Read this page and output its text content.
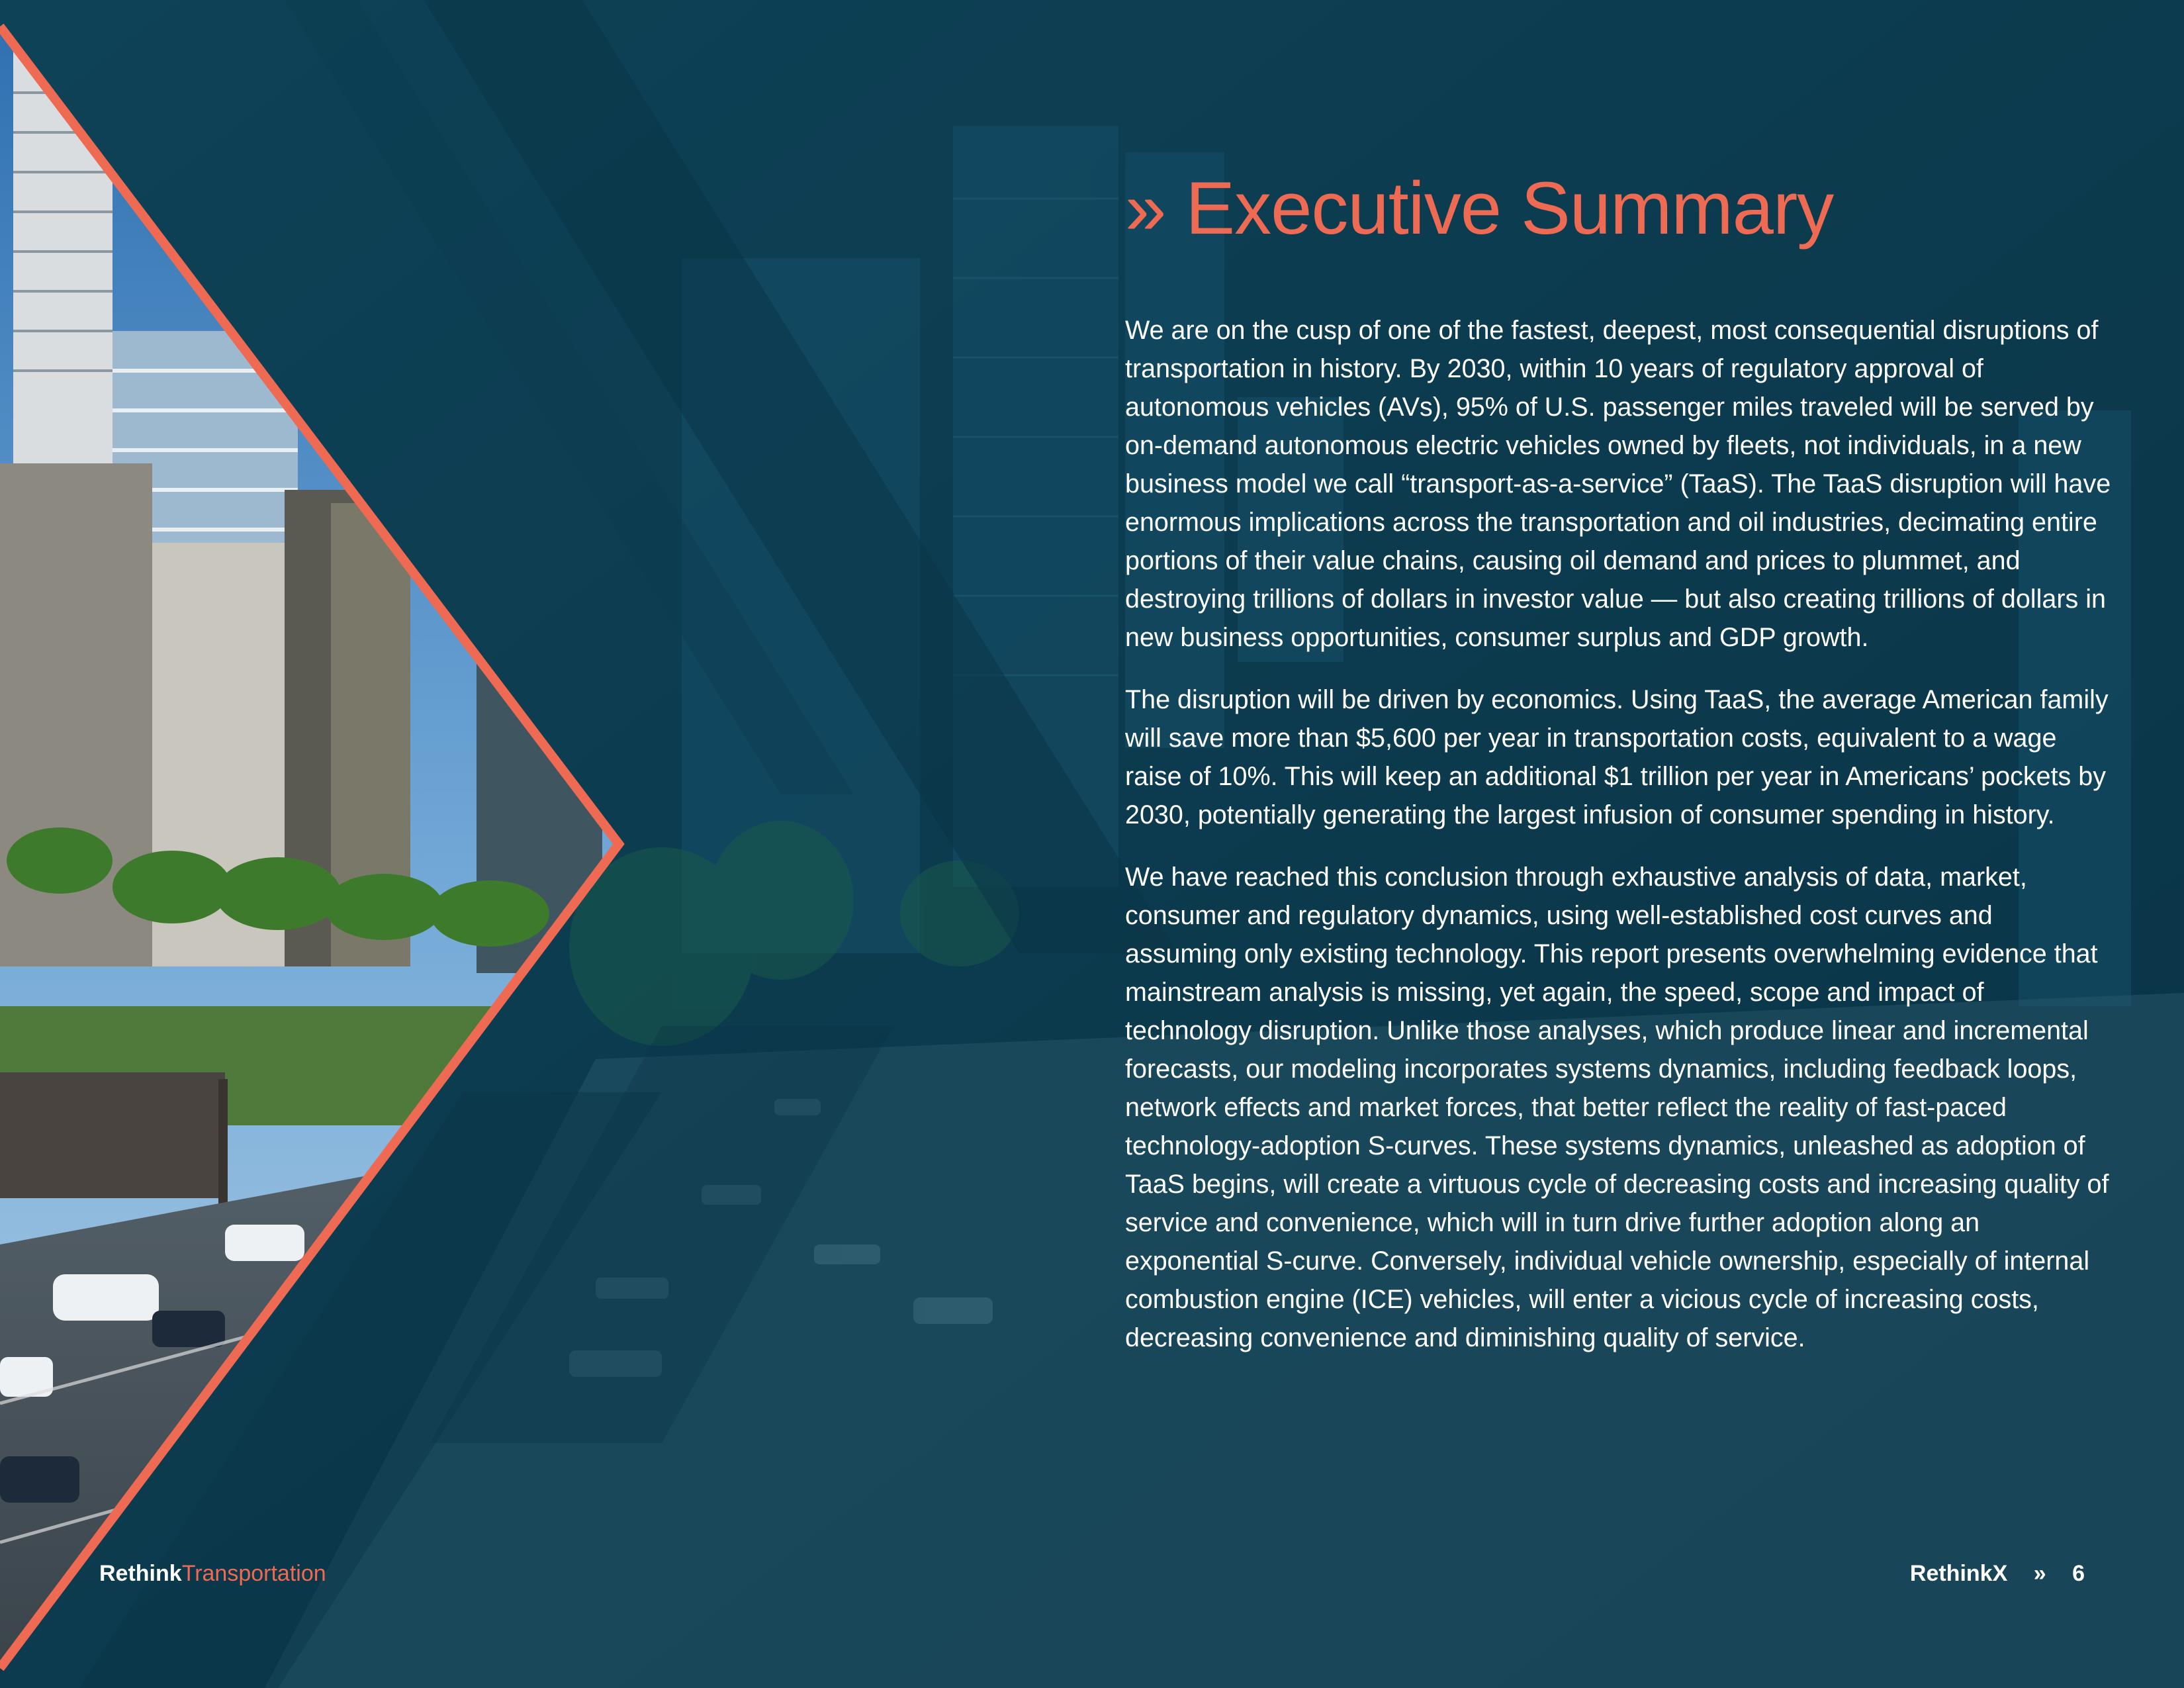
» Executive Summary

We are on the cusp of one of the fastest, deepest, most consequential disruptions of transportation in history. By 2030, within 10 years of regulatory approval of autonomous vehicles (AVs), 95% of U.S. passenger miles traveled will be served by on-demand autonomous electric vehicles owned by fleets, not individuals, in a new business model we call “transport-as-a-service” (TaaS). The TaaS disruption will have enormous implications across the transportation and oil industries, decimating entire portions of their value chains, causing oil demand and prices to plummet, and destroying trillions of dollars in investor value — but also creating trillions of dollars in new business opportunities, consumer surplus and GDP growth.

The disruption will be driven by economics. Using TaaS, the average American family will save more than $5,600 per year in transportation costs, equivalent to a wage raise of 10%. This will keep an additional $1 trillion per year in Americans’ pockets by 2030, potentially generating the largest infusion of consumer spending in history.

We have reached this conclusion through exhaustive analysis of data, market, consumer and regulatory dynamics, using well-established cost curves and assuming only existing technology. This report presents overwhelming evidence that mainstream analysis is missing, yet again, the speed, scope and impact of technology disruption. Unlike those analyses, which produce linear and incremental forecasts, our modeling incorporates systems dynamics, including feedback loops, network effects and market forces, that better reflect the reality of fast-paced technology-adoption S-curves. These systems dynamics, unleashed as adoption of TaaS begins, will create a virtuous cycle of decreasing costs and increasing quality of service and convenience, which will in turn drive further adoption along an exponential S-curve. Conversely, individual vehicle ownership, especially of internal combustion engine (ICE) vehicles, will enter a vicious cycle of increasing costs, decreasing convenience and diminishing quality of service.

RethinkTransportation	RethinkX » 6
